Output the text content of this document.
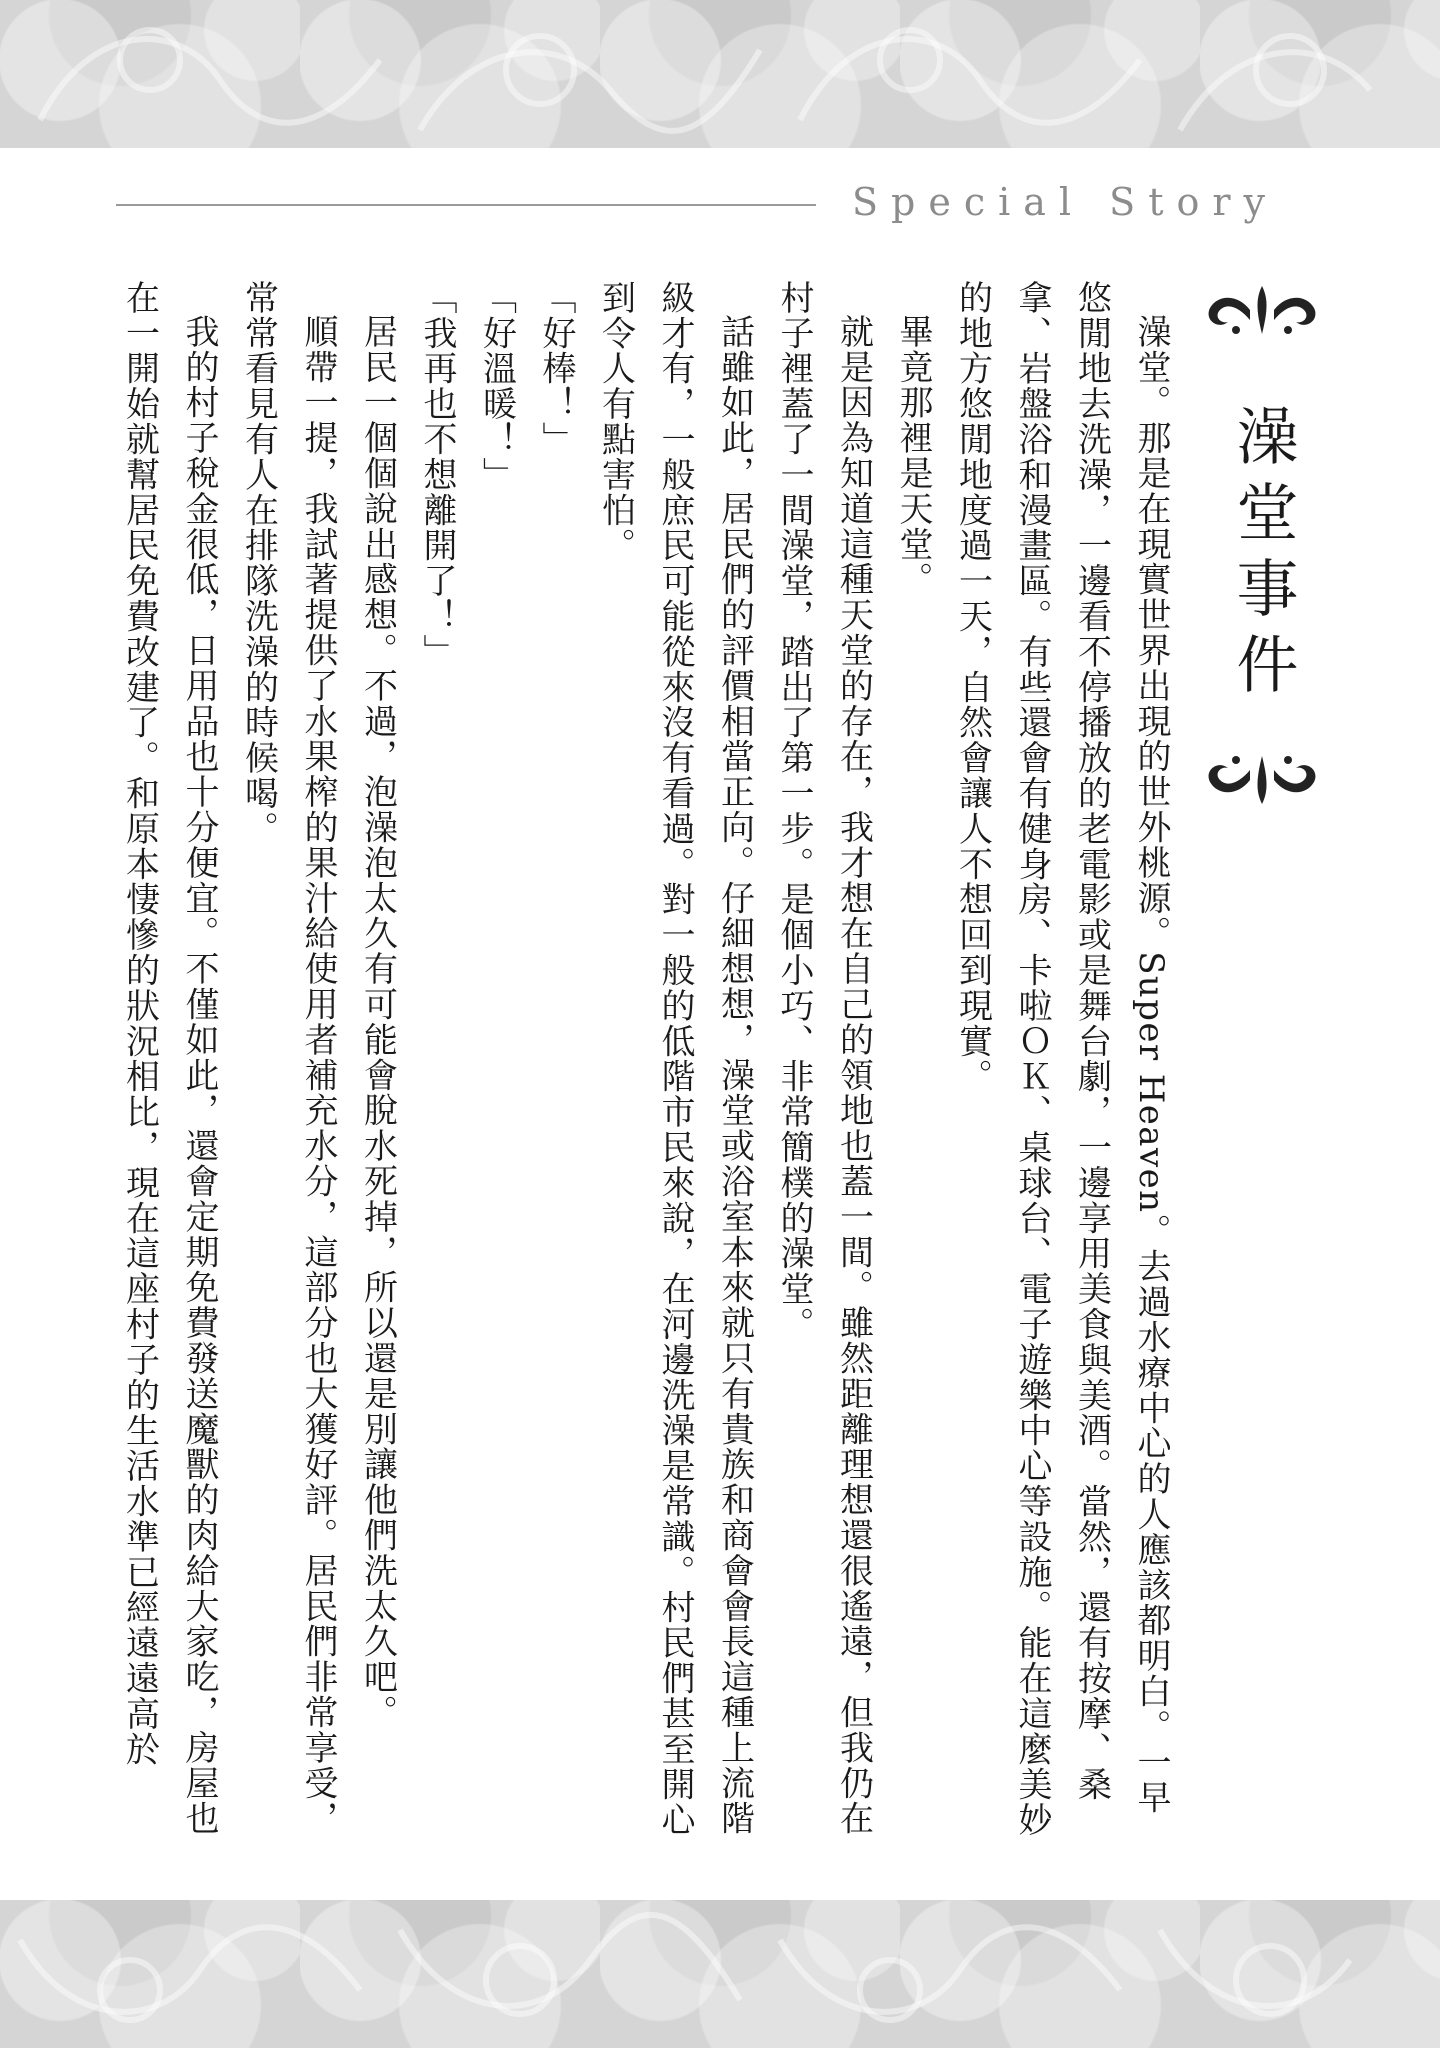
Special Story
澡堂事件

澡堂。那是在現實世界出現的世外桃源。Super Heaven。去過水療中心的人應該都明白。一早悠閒地去洗澡，一邊看不停播放的老電影或是舞台劇，一邊享用美食與美酒。當然，還有按摩、桑拿、岩盤浴和漫畫區。有些還會有健身房、卡啦ＯＫ、桌球台、電子遊樂中心等設施。能在這麼美妙的地方悠閒地度過一天，自然會讓人不想回到現實。

畢竟那裡是天堂。

就是因為知道這種天堂的存在，我才想在自己的領地也蓋一間。雖然距離理想還很遙遠，但我仍在村子裡蓋了一間澡堂，踏出了第一步。是個小巧、非常簡樸的澡堂。

話雖如此，居民們的評價相當正向。仔細想想，澡堂或浴室本來就只有貴族和商會會長這種上流階級才有，一般庶民可能從來沒有看過。對一般的低階市民來說，在河邊洗澡是常識。村民們甚至開心到令人有點害怕。

「好棒！」

「好溫暖！」

「我再也不想離開了！」

居民一個個說出感想。不過，泡澡泡太久有可能會脫水死掉，所以還是別讓他們洗太久吧。

順帶一提，我試著提供了水果榨的果汁給使用者補充水分，這部分也大獲好評。居民們非常享受，常常看見有人在排隊洗澡的時候喝。

我的村子稅金很低，日用品也十分便宜。不僅如此，還會定期免費發送魔獸的肉給大家吃，房屋也在一開始就幫居民免費改建了。和原本悽慘的狀況相比，現在這座村子的生活水準已經遠遠高於
